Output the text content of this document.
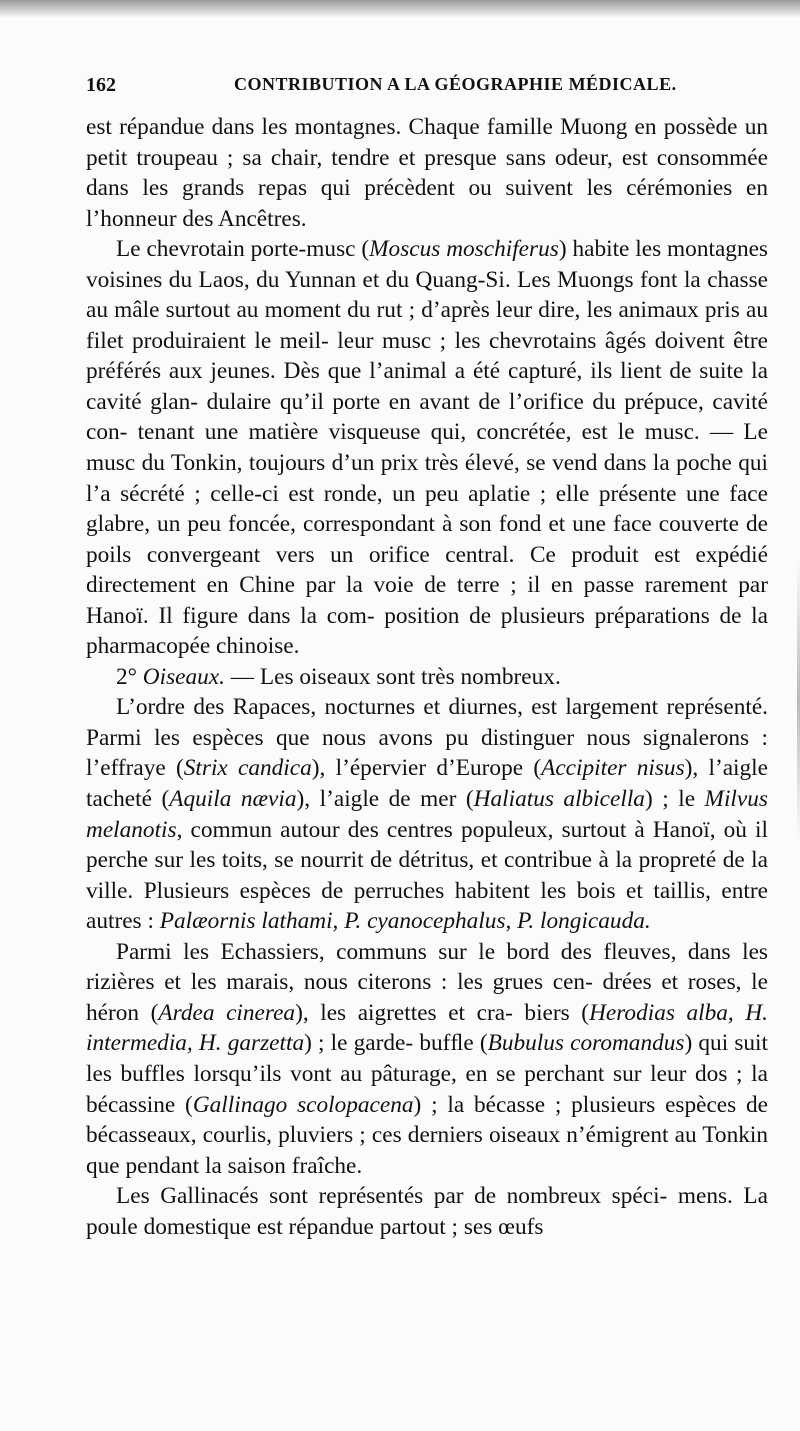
162	CONTRIBUTION A LA GÉOGRAPHIE MÉDICALE.

est répandue dans les montagnes. Chaque famille Muong en possède un petit troupeau ; sa chair, tendre et presque sans odeur, est consommée dans les grands repas qui précèdent ou suivent les cérémonies en l’honneur des Ancêtres.

Le chevrotain porte-musc (Moscus moschiferus) habite les montagnes voisines du Laos, du Yunnan et du Quang-Si. Les Muongs font la chasse au mâle surtout au moment du rut ; d’après leur dire, les animaux pris au filet produiraient le meil- leur musc ; les chevrotains âgés doivent être préférés aux jeunes. Dès que l’animal a été capturé, ils lient de suite la cavité glan- dulaire qu’il porte en avant de l’orifice du prépuce, cavité con- tenant une matière visqueuse qui, concrétée, est le musc. — Le musc du Tonkin, toujours d’un prix très élevé, se vend dans la poche qui l’a sécrété ; celle-ci est ronde, un peu aplatie ; elle présente une face glabre, un peu foncée, correspondant à son fond et une face couverte de poils convergeant vers un orifice central. Ce produit est expédié directement en Chine par la voie de terre ; il en passe rarement par Hanoï. Il figure dans la com- position de plusieurs préparations de la pharmacopée chinoise.

2° Oiseaux. — Les oiseaux sont très nombreux.

L’ordre des Rapaces, nocturnes et diurnes, est largement représenté. Parmi les espèces que nous avons pu distinguer nous signalerons : l’effraye (Strix candica), l’épervier d’Europe (Accipiter nisus), l’aigle tacheté (Aquila nævia), l’aigle de mer (Haliatus albicella) ; le Milvus melanotis, commun autour des centres populeux, surtout à Hanoï, où il perche sur les toits, se nourrit de détritus, et contribue à la propreté de la ville. Plusieurs espèces de perruches habitent les bois et taillis, entre autres : Palæornis lathami, P. cyanocephalus, P. longicauda.

Parmi les Echassiers, communs sur le bord des fleuves, dans les rizières et les marais, nous citerons : les grues cen- drées et roses, le héron (Ardea cinerea), les aigrettes et cra- biers (Herodias alba, H. intermedia, H. garzetta) ; le garde- bufﬂe (Bubulus coromandus) qui suit les buffles lorsqu’ils vont au pâturage, en se perchant sur leur dos ; la bécassine (Gallinago scolopacena) ; la bécasse ; plusieurs espèces de bécasseaux, courlis, pluviers ; ces derniers oiseaux n’émigrent au Tonkin que pendant la saison fraîche.

Les Gallinacés sont représentés par de nombreux spéci- mens. La poule domestique est répandue partout ; ses œufs
